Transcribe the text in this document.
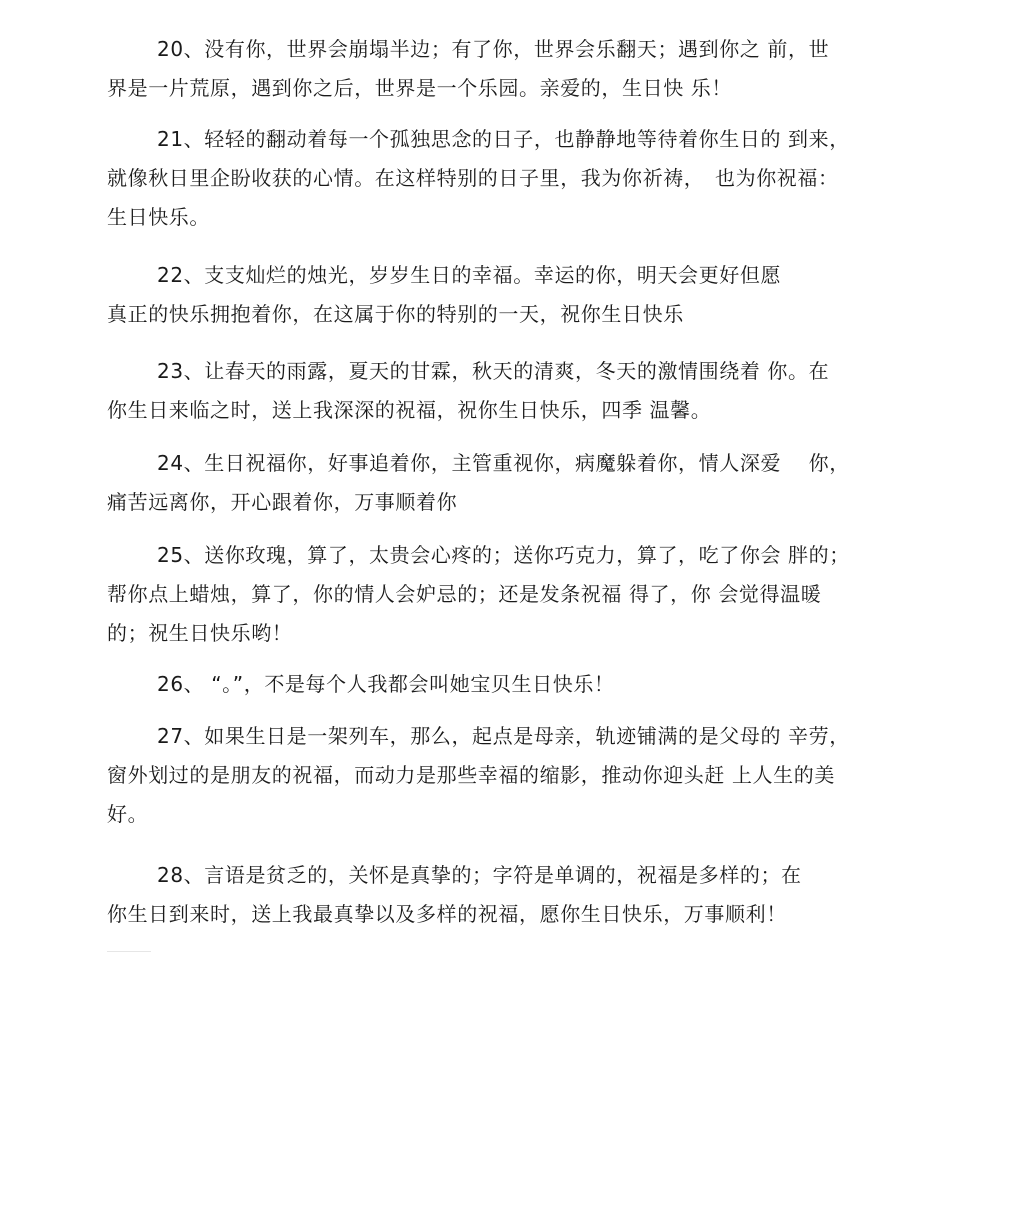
20、没有你，世界会崩塌半边；有了你，世界会乐翻天；遇到你之 前，世
界是一片荒原，遇到你之后，世界是一个乐园。亲爱的，生日快 乐！
21、轻轻的翻动着每一个孤独思念的日子，也静静地等待着你生日的 到来，
就像秋日里企盼收获的心情。在这样特别的日子里，我为你祈祷，　也为你祝福：
生日快乐。
22、支支灿烂的烛光，岁岁生日的幸福。幸运的你，明天会更好但愿
真正的快乐拥抱着你，在这属于你的特别的一天，祝你生日快乐
23、让春天的雨露，夏天的甘霖，秋天的清爽，冬天的激情围绕着 你。在
你生日来临之时，送上我深深的祝福，祝你生日快乐，四季 温馨。
24、生日祝福你，好事追着你，主管重视你，病魔躲着你，情人深爱　 你，
痛苦远离你，开心跟着你，万事顺着你
25、送你玫瑰，算了，太贵会心疼的；送你巧克力，算了，吃了你会 胖的；
帮你点上蜡烛，算了，你的情人会妒忌的；还是发条祝福 得了，你 会觉得温暖
的；祝生日快乐哟！
26、 “。”，不是每个人我都会叫她宝贝生日快乐！
27、如果生日是一架列车，那么，起点是母亲，轨迹铺满的是父母的 辛劳，
窗外划过的是朋友的祝福，而动力是那些幸福的缩影，推动你迎头赶 上人生的美
好。
28、言语是贫乏的，关怀是真挚的；字符是单调的，祝福是多样的；在
你生日到来时，送上我最真挚以及多样的祝福，愿你生日快乐，万事顺利！
